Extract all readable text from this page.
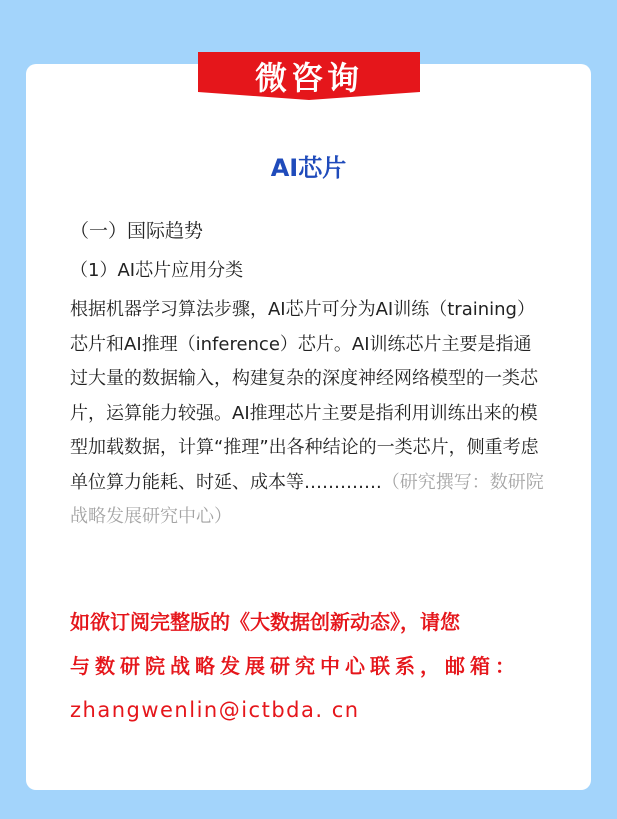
微咨询
AI芯片
（一）国际趋势
（1）AI芯片应用分类
根据机器学习算法步骤，AI芯片可分为AI训练（training）芯片和AI推理（inference）芯片。AI训练芯片主要是指通过大量的数据输入，构建复杂的深度神经网络模型的一类芯片，运算能力较强。AI推理芯片主要是指利用训练出来的模型加载数据，计算“推理”出各种结论的一类芯片，侧重考虑单位算力能耗、时延、成本等………….（研究撰写：数研院战略发展研究中心）
如欲订阅完整版的《大数据创新动态》，请您
与数研院战略发展研究中心联系，邮箱：
zhangwenlin@ictbda. cn
